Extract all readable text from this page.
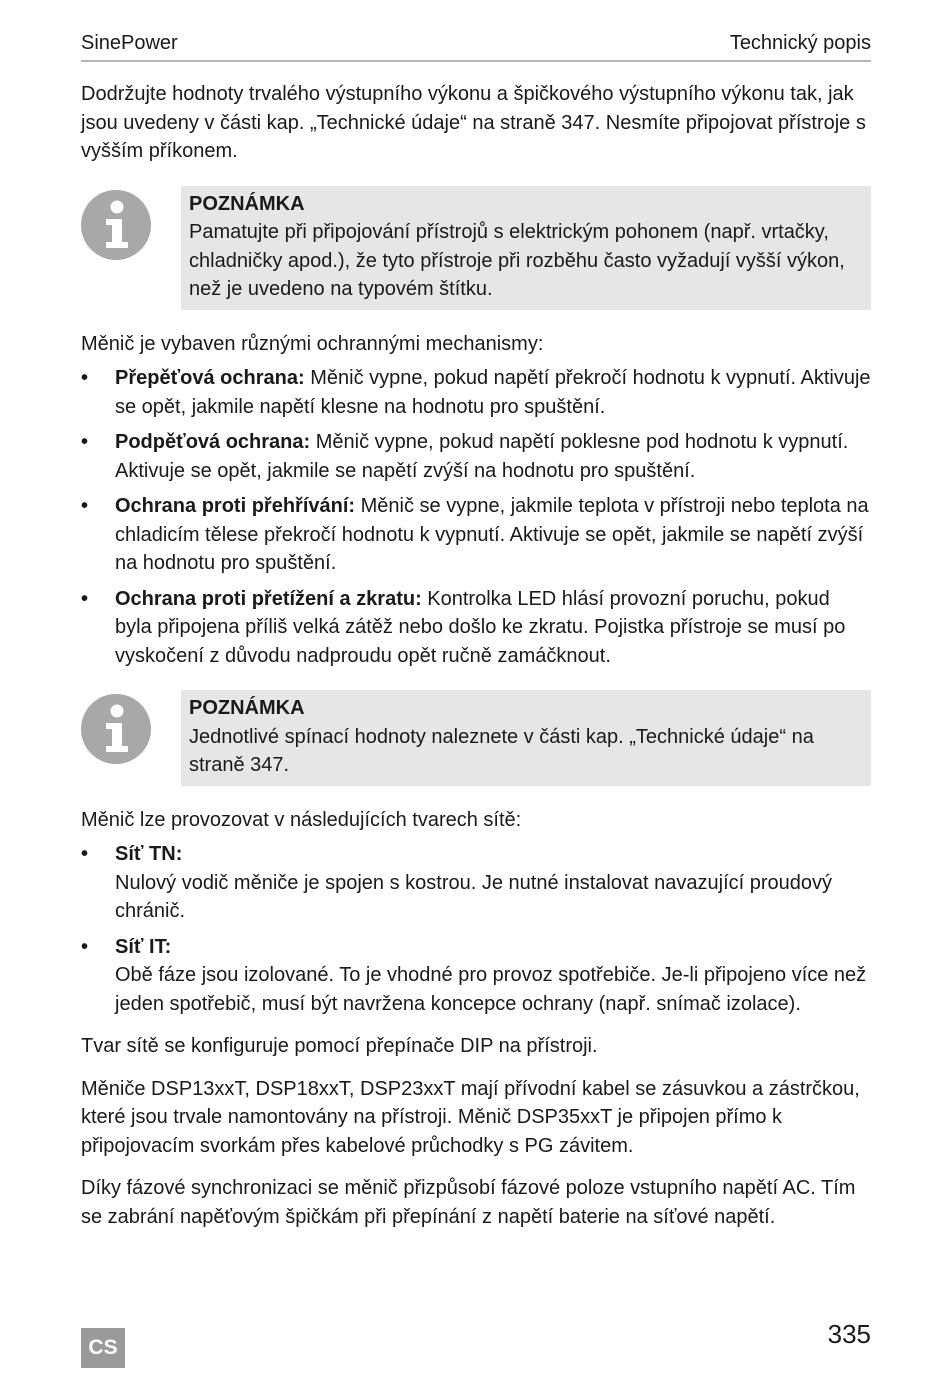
SinePower	Technický popis

Dodržujte hodnoty trvalého výstupního výkonu a špičkového výstupního výkonu tak, jak jsou uvedeny v části kap. „Technické údaje“ na straně 347. Nesmíte připojovat přístroje s vyšším příkonem.

POZNÁMKA
Pamatujte při připojování přístrojů s elektrickým pohonem (např. vrtačky, chladničky apod.), že tyto přístroje při rozběhu často vyžadují vyšší výkon, než je uvedeno na typovém štítku.

Měnič je vybaven různými ochrannými mechanismy:

• Přepěťová ochrana: Měnič vypne, pokud napětí překročí hodnotu k vypnutí. Aktivuje se opět, jakmile napětí klesne na hodnotu pro spuštění.
• Podpěťová ochrana: Měnič vypne, pokud napětí poklesne pod hodnotu k vypnutí. Aktivuje se opět, jakmile se napětí zvýší na hodnotu pro spuštění.
• Ochrana proti přehřívání: Měnič se vypne, jakmile teplota v přístroji nebo teplota na chladicím tělese překročí hodnotu k vypnutí. Aktivuje se opět, jakmile se napětí zvýší na hodnotu pro spuštění.
• Ochrana proti přetížení a zkratu: Kontrolka LED hlásí provozní poruchu, pokud byla připojena příliš velká zátěž nebo došlo ke zkratu. Pojistka přístroje se musí po vyskočení z důvodu nadproudu opět ručně zamáčknout.
POZNÁMKA
Jednotlivé spínací hodnoty naleznete v části kap. „Technické údaje“ na straně 347.

Měnič lze provozovat v následujících tvarech sítě:

• Síť TN:
Nulový vodič měniče je spojen s kostrou. Je nutné instalovat navazující proudový chránič.
• Síť IT:
Obě fáze jsou izolované. To je vhodné pro provoz spotřebiče. Je-li připojeno více než jeden spotřebič, musí být navržena koncepce ochrany (např. snímač izolace).

Tvar sítě se konfiguruje pomocí přepínače DIP na přístroji.

Měniče DSP13xxT, DSP18xxT, DSP23xxT mají přívodní kabel se zásuvkou a zástrčkou, které jsou trvale namontovány na přístroji. Měnič DSP35xxT je připojen přímo k připojovacím svorkám přes kabelové průchodky s PG závitem.

Díky fázové synchronizaci se měnič přizpůsobí fázové poloze vstupního napětí AC. Tím se zabrání napěťovým špičkám při přepínání z napětí baterie na síťové napětí.

CS	335
